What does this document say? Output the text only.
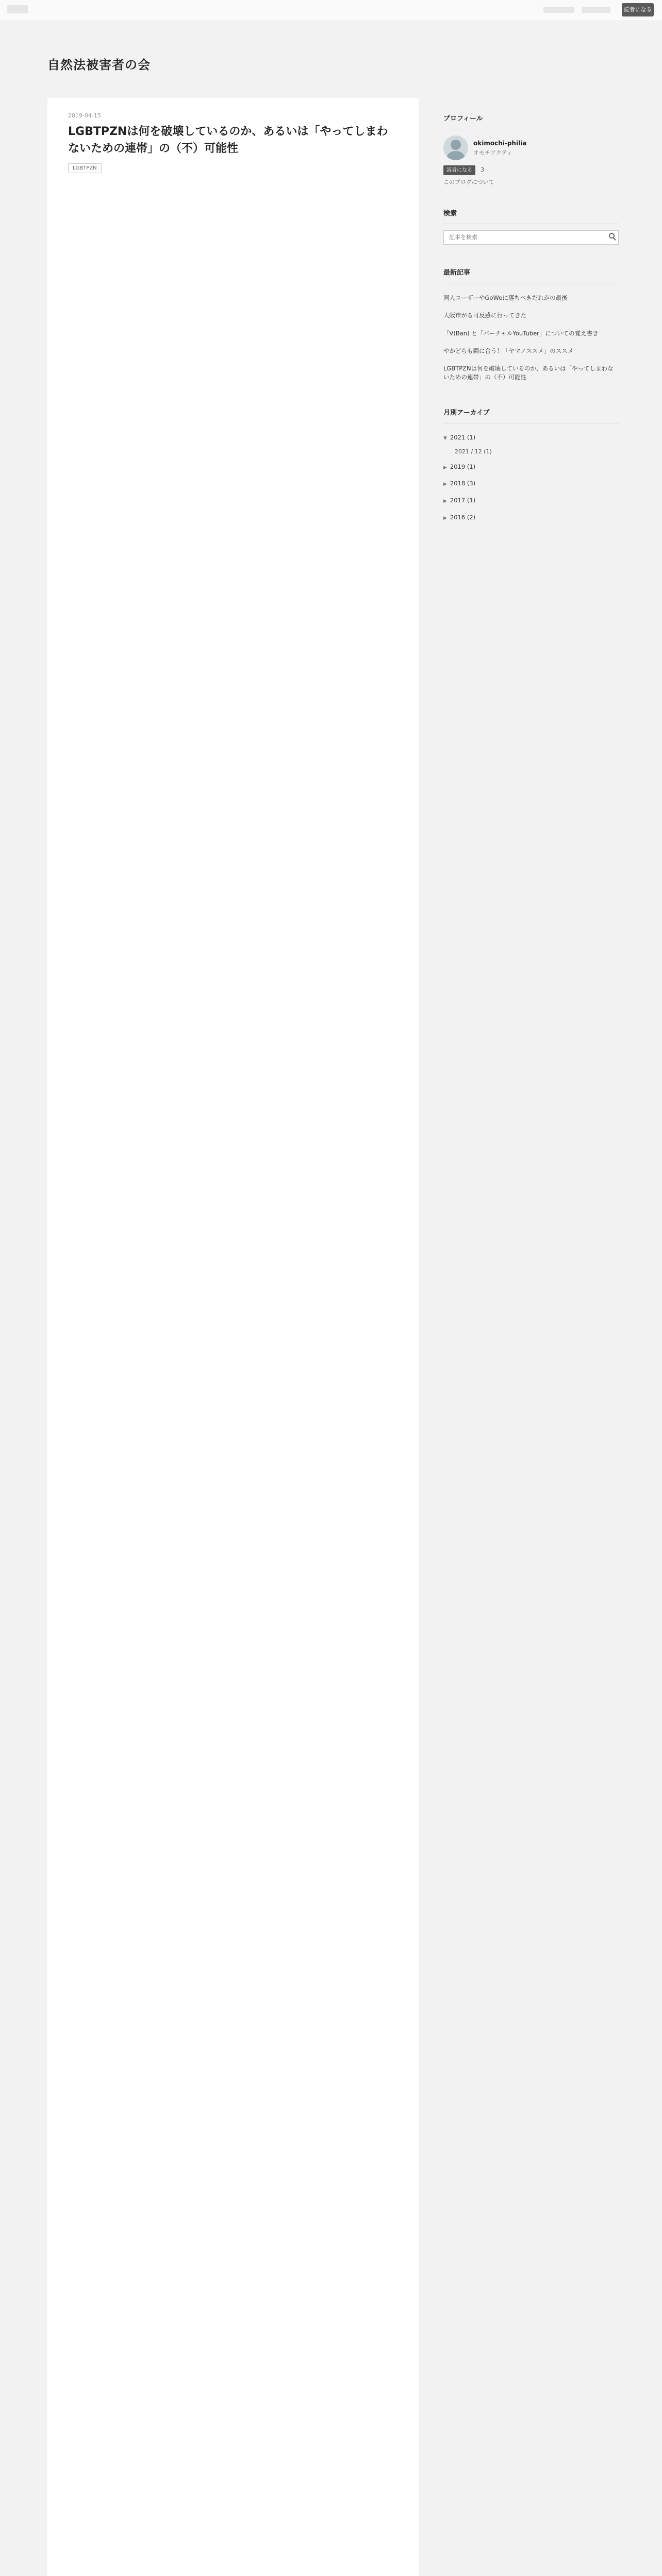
読者になる
自然法被害者の会
2019-04-15
LGBTPZNは何を破壊しているのか、あるいは「やってしまわないための連帯」の（不）可能性
LGBTPZN
プロフィール
okimochi-philia
オモチアクティ
読者になる 3
このブログについて
検索
記事を検索
最新記事
同人ユーザーやGoWeに落ちべきだれがの最後
大阪市がる可反感に行ってきた
「V(Ban) と「バーチャルYouTuber」についての覚え書き
やかどらも闘に合う！「ヤマノススメ」のススメ
LGBTPZNは何を破壊しているのか、あるいは「やってしまわないための連帯」の（不）可能性
月別アーカイブ
▼ 2021 (1)
2021 / 12 (1)
▶ 2019 (1)
▶ 2018 (3)
▶ 2017 (1)
▶ 2016 (2)
